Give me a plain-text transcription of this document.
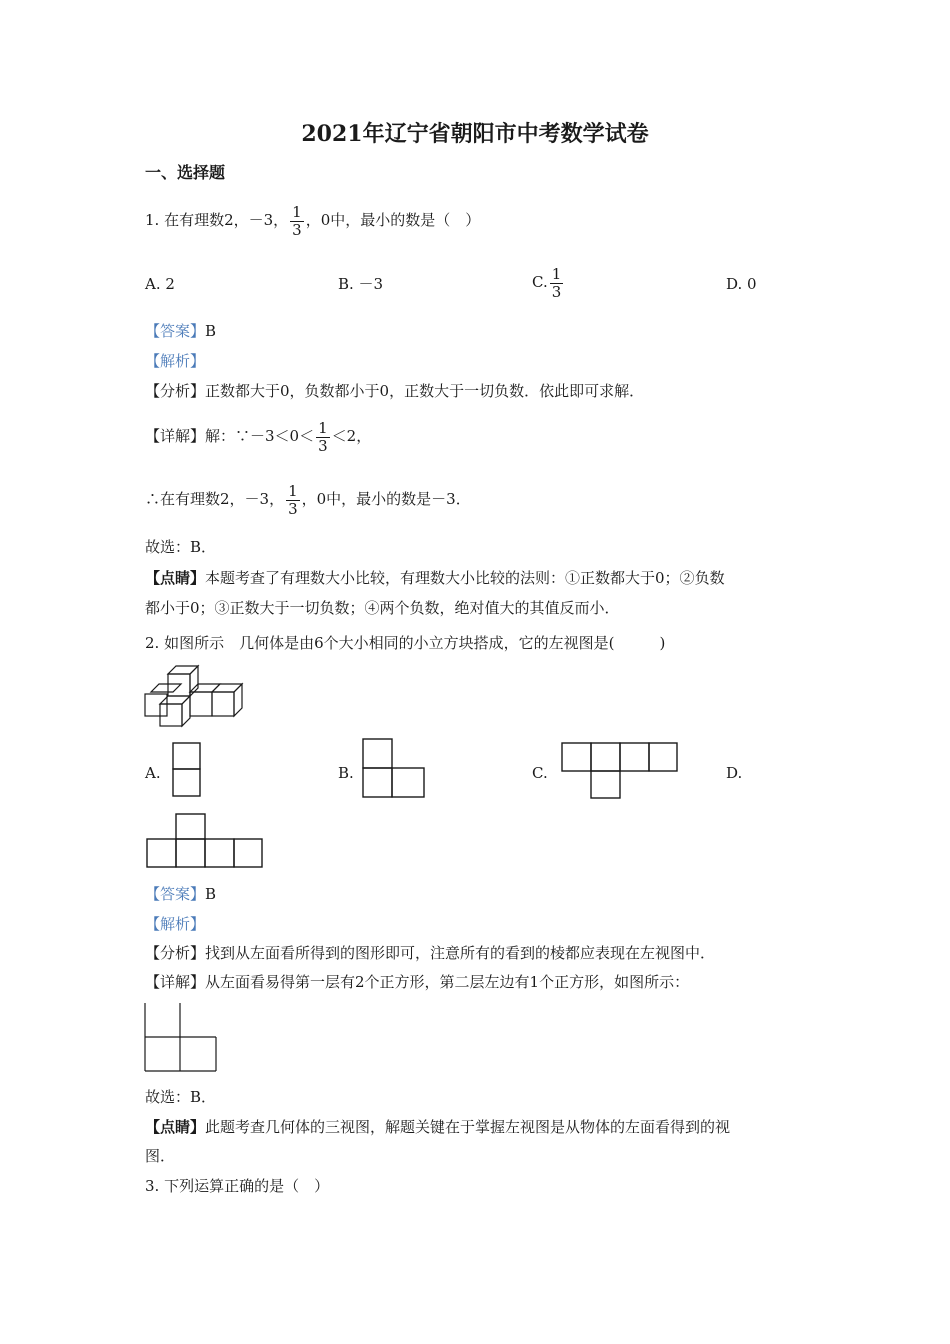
2021年辽宁省朝阳市中考数学试卷
一、选择题
1. 在有理数2，－3， $\frac{1}{3}$ ，0中，最小的数是（　）
A. 2	B. －3	C. $\frac{1}{3}$	D. 0
【答案】B
【解析】
【分析】正数都大于0，负数都小于0，正数大于一切负数．依此即可求解．
【详解】解：∵－3＜0＜ $\frac{1}{3} <2$，
∴在有理数2，－3， $\frac{1}{3}$ ，0中，最小的数是－3．
故选：B．
【点睛】本题考查了有理数大小比较，有理数大小比较的法则：①正数都大于0；②负数
都小于0；③正数大于一切负数；④两个负数，绝对值大的其值反而小．
2. 如图所示　几何体是由6个大小相同的小立方块搭成，它的左视图是(　　　)
A.	B.	C.	D.
【答案】B
【解析】
【分析】找到从左面看所得到的图形即可，注意所有的看到的棱都应表现在左视图中．
【详解】从左面看易得第一层有2个正方形，第二层左边有1个正方形，如图所示：
故选：B．
【点睛】此题考查几何体的三视图，解题关键在于掌握左视图是从物体的左面看得到的视
图．
3. 下列运算正确的是（　）
